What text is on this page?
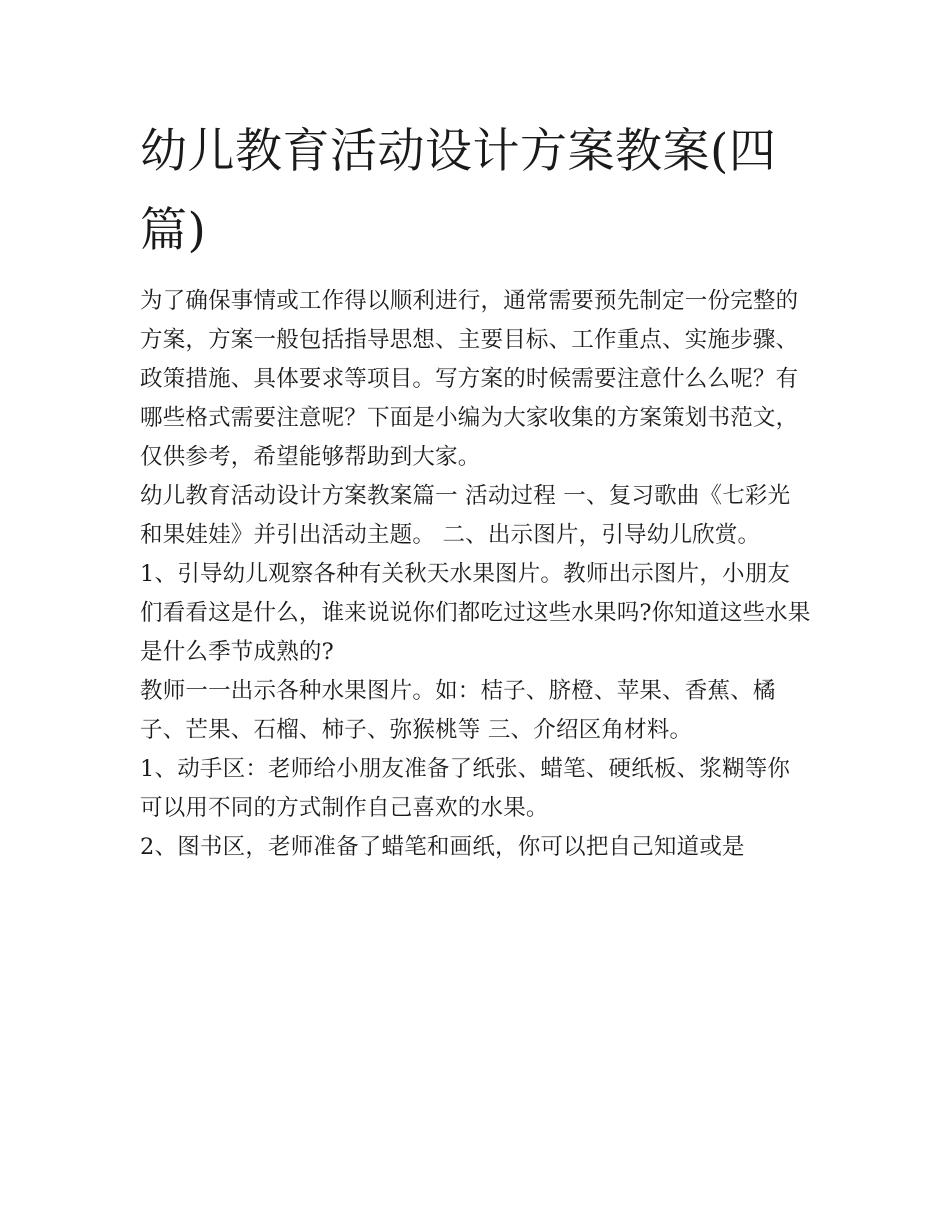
幼儿教育活动设计方案教案(四篇)

为了确保事情或工作得以顺利进行，通常需要预先制定一份完整的方案，方案一般包括指导思想、主要目标、工作重点、实施步骤、政策措施、具体要求等项目。写方案的时候需要注意什么么呢？有哪些格式需要注意呢？下面是小编为大家收集的方案策划书范文，仅供参考，希望能够帮助到大家。

幼儿教育活动设计方案教案篇一 活动过程 一、复习歌曲《七彩光和果娃娃》并引出活动主题。 二、出示图片，引导幼儿欣赏。

1、引导幼儿观察各种有关秋天水果图片。教师出示图片，小朋友们看看这是什么，谁来说说你们都吃过这些水果吗?你知道这些水果是什么季节成熟的?

教师一一出示各种水果图片。如：桔子、脐橙、苹果、香蕉、橘子、芒果、石榴、柿子、弥猴桃等 三、介绍区角材料。

1、动手区：老师给小朋友准备了纸张、蜡笔、硬纸板、浆糊等你可以用不同的方式制作自己喜欢的水果。

2、图书区，老师准备了蜡笔和画纸，你可以把自己知道或是
